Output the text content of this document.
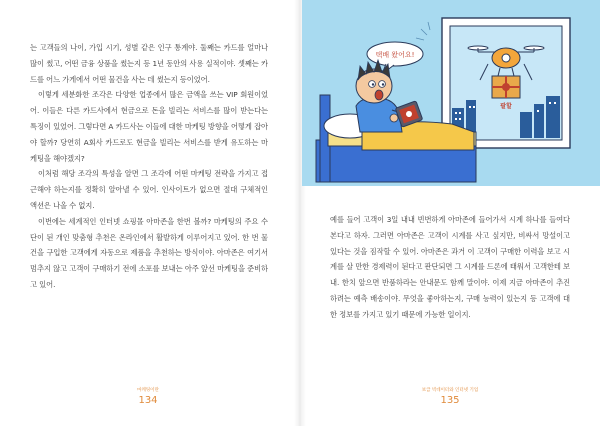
는 고객들의 나이, 가입 시기, 성별 같은 인구 통계야. 둘째는 카드를 얼마나 많이 썼고, 어떤 금융 상품을 썼는지 등 1년 동안의 사용 실적이야. 셋째는 카드를 어느 가게에서 어떤 물건을 사는 데 썼는지 등이었어.

이렇게 세분화한 조각은 다양한 업종에서 많은 금액을 쓰는 VIP 회원이었어. 이들은 다른 카드사에서 현금으로 돈을 빌리는 서비스를 많이 받는다는 특징이 있었어. 그렇다면 A 카드사는 이들에 대한 마케팅 방향을 어떻게 잡아야 할까? 당연히 A회사 카드로도 현금을 빌리는 서비스를 받게 유도하는 마케팅을 해야겠지?

이처럼 해당 조각의 특성을 알면 그 조각에 어떤 마케팅 전략을 가지고 접근해야 하는지를 정확히 알아낼 수 있어. 인사이트가 없으면 절대 구체적인 액션은 나올 수 없지.

이번에는 세계적인 인터넷 쇼핑몰 아마존을 한번 볼까? 마케팅의 주요 수단이 된 개인 맞춤형 추천은 온라인에서 활발하게 이루어지고 있어. 한 번 물건을 구입한 고객에게 자동으로 제품을 추천하는 방식이야. 아마존은 여기서 멈추지 않고 고객이 구매하기 전에 소포를 보내는 아주 앞선 마케팅을 준비하고 있어.

마케팅이란
134
팔할
택배 왔어요!

예를 들어 고객이 3일 내내 빈번하게 아마존에 들어가서 시계 하나를 들여다본다고 하자. 그러면 아마존은 고객이 시계를 사고 싶지만, 비싸서 망설이고 있다는 것을 짐작할 수 있어. 아마존은 과거 이 고객이 구매한 이력을 보고 시계를 살 만한 경제력이 된다고 판단되면 그 시계를 드론에 태워서 고객한테 보내. 한치 앞으면 반품하라는 안내문도 함께 말이야. 이제 지금 아마존이 추진하려는 예측 배송이야. 무엇을 좋아하는지, 구매 능력이 있는지 등 고객에 대한 정보를 가지고 있기 때문에 가능한 일이지.

보급 빅데이터와 인터넷 기업
135
